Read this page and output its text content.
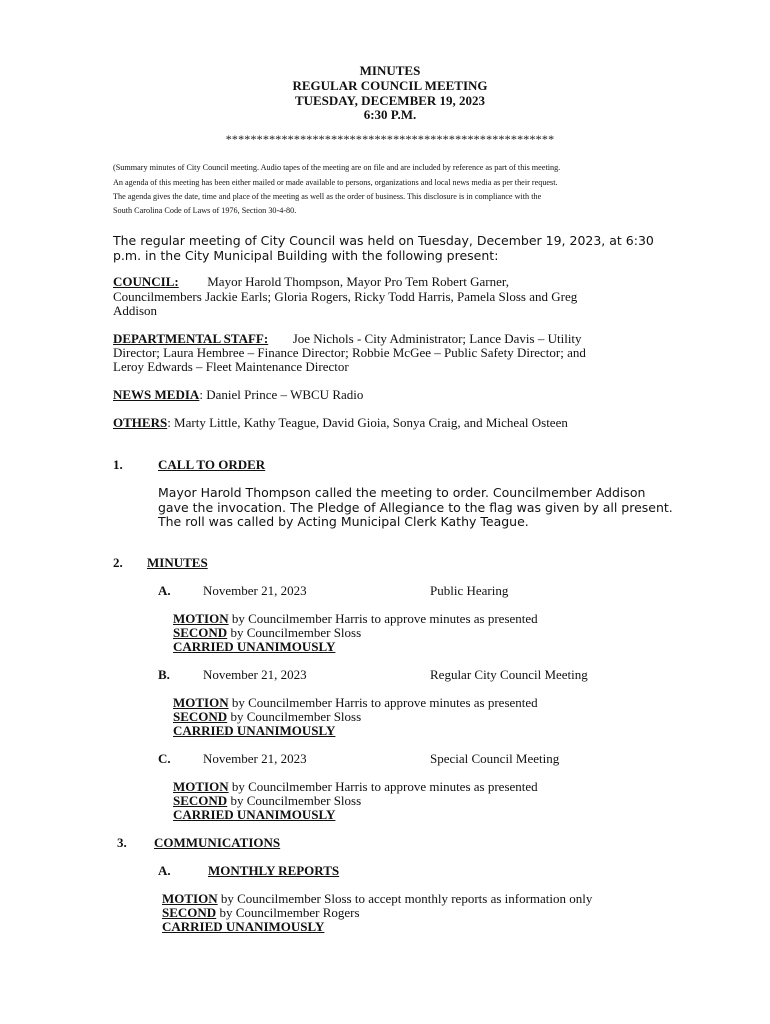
MINUTES
REGULAR COUNCIL MEETING
TUESDAY, DECEMBER 19, 2023
6:30 P.M.
*****************************************************
(Summary minutes of City Council meeting. Audio tapes of the meeting are on file and are included by reference as part of this meeting.
An agenda of this meeting has been either mailed or made available to persons, organizations and local news media as per their request.
The agenda gives the date, time and place of the meeting as well as the order of business. This disclosure is in compliance with the
South Carolina Code of Laws of 1976, Section 30-4-80.
The regular meeting of City Council was held on Tuesday, December 19, 2023, at 6:30
p.m. in the City Municipal Building with the following present:
COUNCIL: Mayor Harold Thompson, Mayor Pro Tem Robert Garner,
Councilmembers Jackie Earls; Gloria Rogers, Ricky Todd Harris, Pamela Sloss and Greg
Addison
DEPARTMENTAL STAFF: Joe Nichols - City Administrator; Lance Davis – Utility
Director; Laura Hembree – Finance Director; Robbie McGee – Public Safety Director; and
Leroy Edwards – Fleet Maintenance Director
NEWS MEDIA: Daniel Prince – WBCU Radio
OTHERS: Marty Little, Kathy Teague, David Gioia, Sonya Craig, and Micheal Osteen
1.	CALL TO ORDER
Mayor Harold Thompson called the meeting to order. Councilmember Addison
gave the invocation. The Pledge of Allegiance to the flag was given by all present.
The roll was called by Acting Municipal Clerk Kathy Teague.
2. MINUTES
A. November 21, 2023	Public Hearing
MOTION by Councilmember Harris to approve minutes as presented
SECOND by Councilmember Sloss
CARRIED UNANIMOUSLY
B.	November 21, 2023	Regular City Council Meeting
MOTION by Councilmember Harris to approve minutes as presented
SECOND by Councilmember Sloss
CARRIED UNANIMOUSLY
C. November 21, 2023	Special Council Meeting
MOTION by Councilmember Harris to approve minutes as presented
SECOND by Councilmember Sloss
CARRIED UNANIMOUSLY
3. COMMUNICATIONS
A.	MONTHLY REPORTS
MOTION by Councilmember Sloss to accept monthly reports as information only
SECOND by Councilmember Rogers
CARRIED UNANIMOUSLY
